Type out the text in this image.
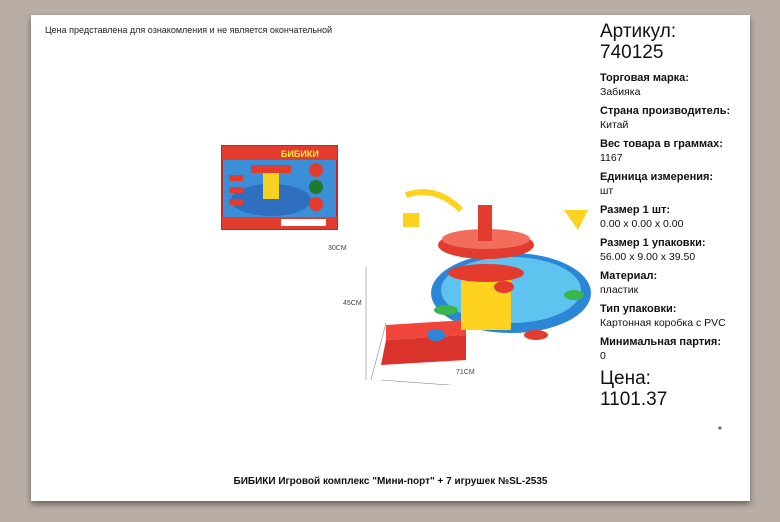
Цена представлена для ознакомления и не является окончательной
БИБИКИ
30CM
45CM
71CM
Артикул:
740125
Торговая марка:
Забияка
Страна производитель:
Китай
Вес товара в граммах:
1167
Единица измерения:
шт
Размер 1 шт:
0.00 x 0.00 x 0.00
Размер 1 упаковки:
56.00 x 9.00 x 39.50
Материал:
пластик
Тип упаковки:
Картонная коробка с PVC
Минимальная партия:
0
Цена:
1101.37
■
БИБИКИ Игровой комплекс "Мини-порт" + 7 игрушек №SL-2535
